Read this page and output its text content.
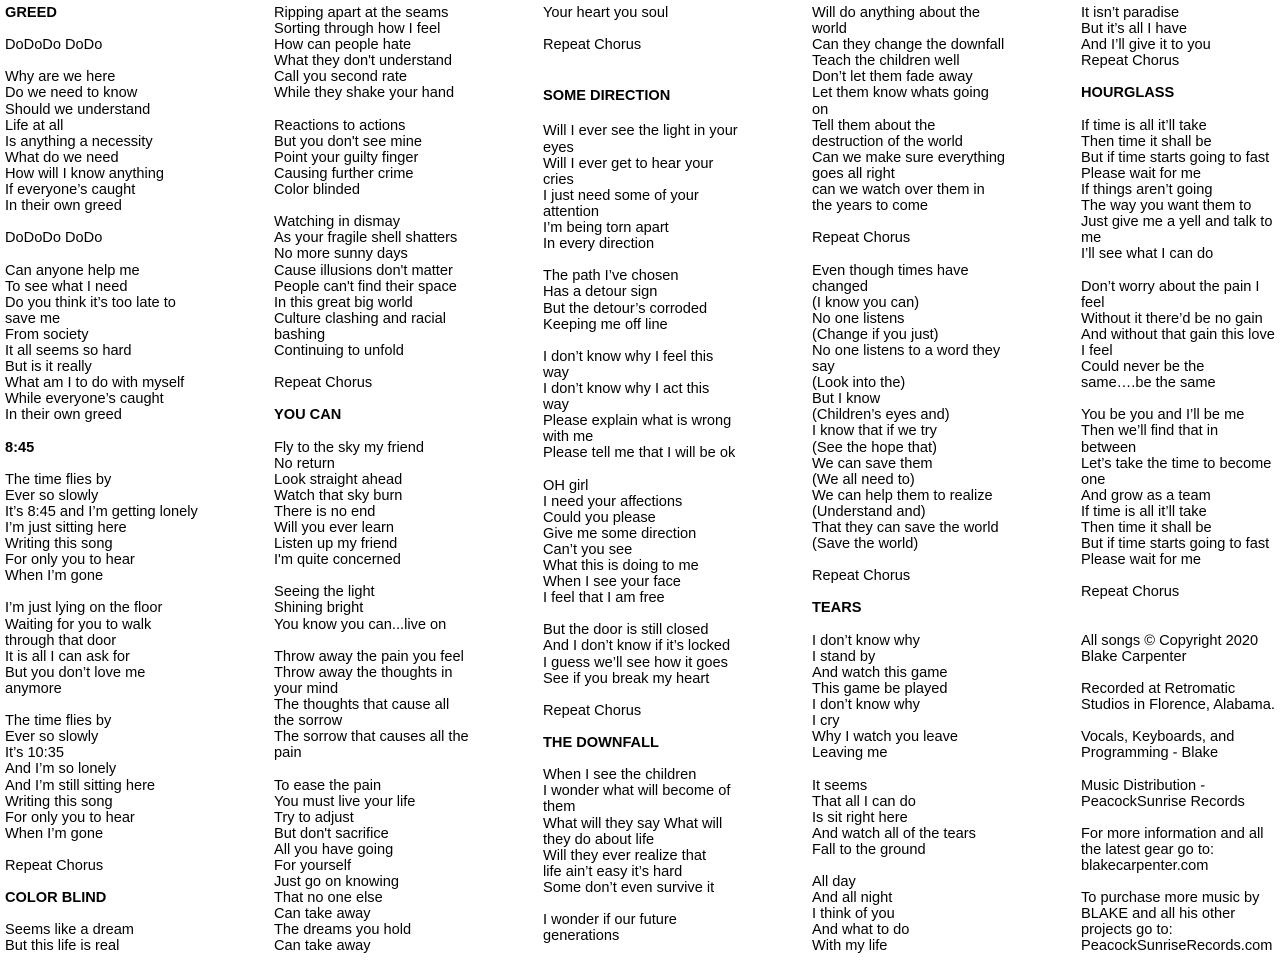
GREED
DoDoDo DoDo
Why are we here
Do we need to know
Should we understand
Life at all
Is anything a necessity
What do we need
How will I know anything
If everyone’s caught
In their own greed
DoDoDo DoDo
Can anyone help me
To see what I need
Do you think it’s too late to
save me
From society
It all seems so hard
But is it really
What am I to do with myself
While everyone’s caught
In their own greed
8:45
The time flies by
Ever so slowly
It’s 8:45 and I’m getting lonely
I’m just sitting here
Writing this song
For only you to hear
When I’m gone
I’m just lying on the floor
Waiting for you to walk
through that door
It is all I can ask for
But you don’t love me
anymore
The time flies by
Ever so slowly
It’s 10:35
And I’m so lonely
And I’m still sitting here
Writing this song
For only you to hear
When I’m gone
Repeat Chorus
COLOR BLIND
Seems like a dream
But this life is real
Ripping apart at the seams
Sorting through how I feel
How can people hate
What they don't understand
Call you second rate
While they shake your hand
Reactions to actions
But you don't see mine
Point your guilty finger
Causing further crime
Color blinded
Watching in dismay
As your fragile shell shatters
No more sunny days
Cause illusions don't matter
People can't find their space
In this great big world
Culture clashing and racial
bashing
Continuing to unfold
Repeat Chorus
YOU CAN
Fly to the sky my friend
No return
Look straight ahead
Watch that sky burn
There is no end
Will you ever learn
Listen up my friend
I'm quite concerned
Seeing the light
Shining bright
You know you can...live on
Throw away the pain you feel
Throw away the thoughts in
your mind
The thoughts that cause all
the sorrow
The sorrow that causes all the
pain
To ease the pain
You must live your life
Try to adjust
But don't sacrifice
All you have going
For yourself
Just go on knowing
That no one else
Can take away
The dreams you hold
Can take away
Your heart you soul
Repeat Chorus
SOME DIRECTION
Will I ever see the light in your
eyes
Will I ever get to hear your
cries
I just need some of your
attention
I’m being torn apart
In every direction
The path I’ve chosen
Has a detour sign
But the detour’s corroded
Keeping me off line
I don’t know why I feel this
way
I don’t know why I act this
way
Please explain what is wrong
with me
Please tell me that I will be ok
OH girl
I need your affections
Could you please
Give me some direction
Can’t you see
What this is doing to me
When I see your face
I feel that I am free
But the door is still closed
And I don’t know if it’s locked
I guess we’ll see how it goes
See if you break my heart
Repeat Chorus
THE DOWNFALL
When I see the children
I wonder what will become of
them
What will they say What will
they do about life
Will they ever realize that
life ain’t easy it’s hard
Some don’t even survive it
I wonder if our future
generations
Will do anything about the
world
Can they change the downfall
Teach the children well
Don’t let them fade away
Let them know whats going
on
Tell them about the
destruction of the world
Can we make sure everything
goes all right
can we watch over them in
the years to come
Repeat Chorus
Even though times have
changed
(I know you can)
No one listens
(Change if you just)
No one listens to a word they
say
(Look into the)
But I know
(Children’s eyes and)
I know that if we try
(See the hope that)
We can save them
(We all need to)
We can help them to realize
(Understand and)
That they can save the world
(Save the world)
Repeat Chorus
TEARS
I don’t know why
I stand by
And watch this game
This game be played
I don’t know why
I cry
Why I watch you leave
Leaving me
It seems
That all I can do
Is sit right here
And watch all of the tears
Fall to the ground
All day
And all night
I think of you
And what to do
With my life
It isn’t paradise
But it’s all I have
And I’ll give it to you
Repeat Chorus
HOURGLASS
If time is all it’ll take
Then time it shall be
But if time starts going to fast
Please wait for me
If things aren’t going
The way you want them to
Just give me a yell and talk to
me
I’ll see what I can do
Don’t worry about the pain I
feel
Without it there’d be no gain
And without that gain this love
I feel
Could never be the
same….be the same
You be you and I’ll be me
Then we’ll find that in
between
Let’s take the time to become
one
And grow as a team
If time is all it’ll take
Then time it shall be
But if time starts going to fast
Please wait for me
Repeat Chorus
All songs © Copyright 2020
Blake Carpenter
Recorded at Retromatic
Studios in Florence, Alabama.
Vocals, Keyboards, and
Programming - Blake
Music Distribution -
PeacockSunrise Records
For more information and all
the latest gear go to:
blakecarpenter.com
To purchase more music by
BLAKE and all his other
projects go to:
PeacockSunriseRecords.com
